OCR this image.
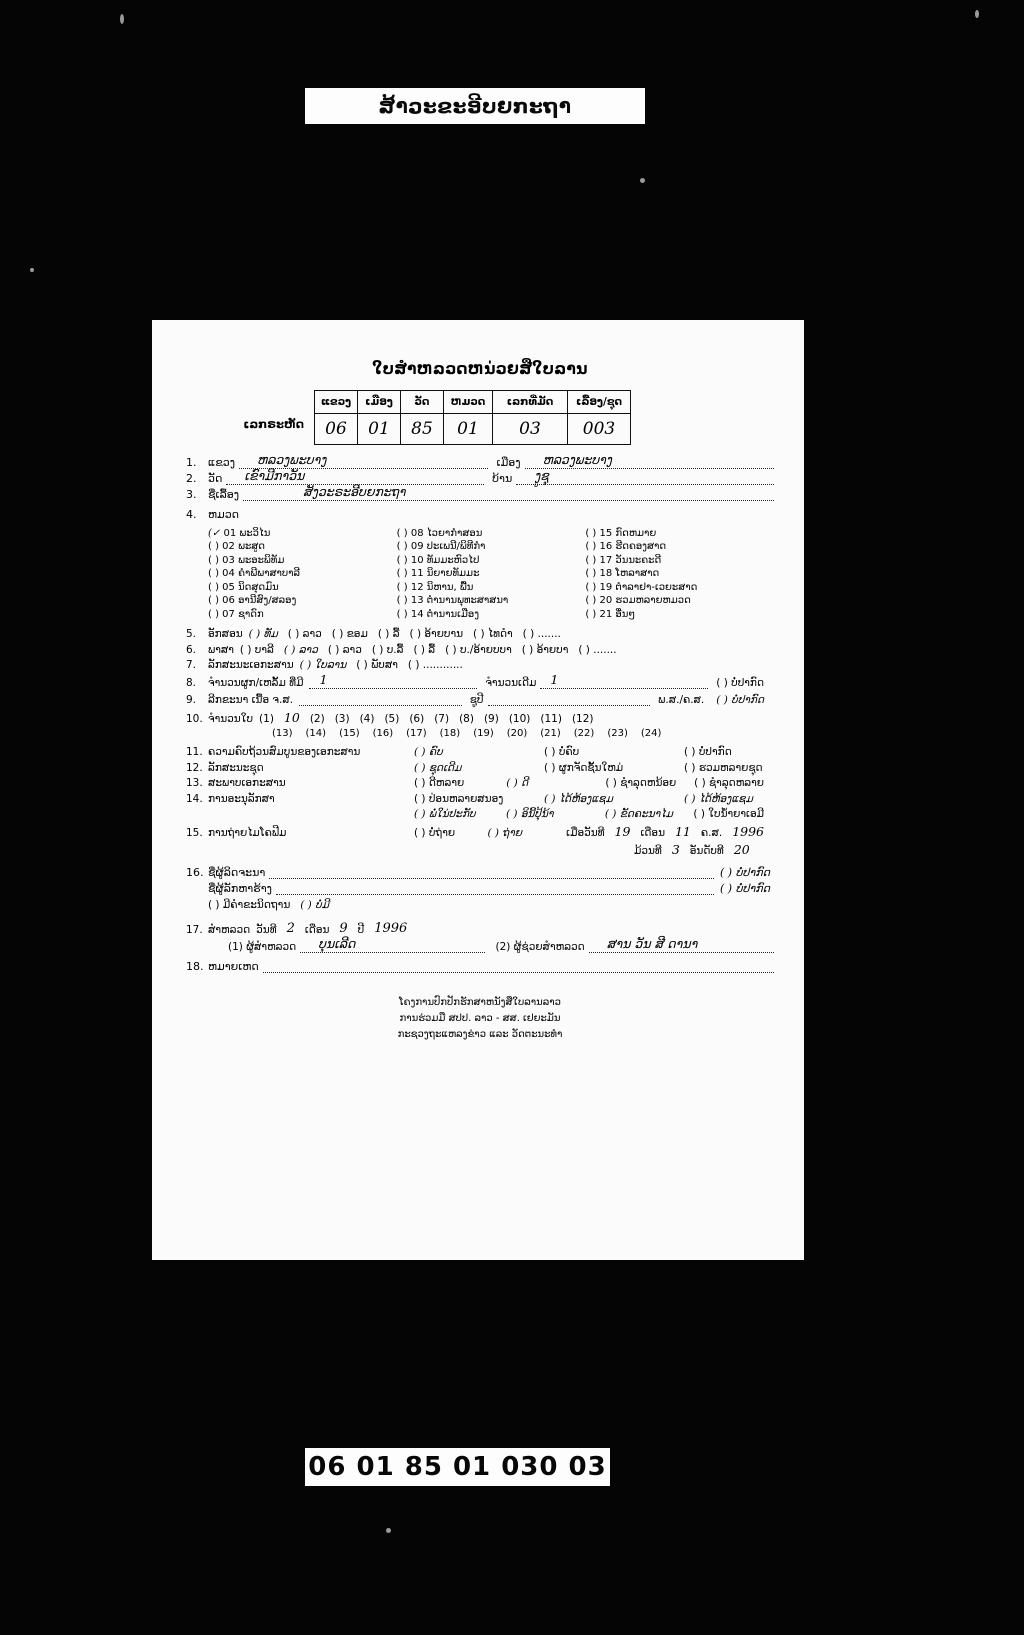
ສ້າວະຂະອີບຍກະຖາ
ໃບສຳຫລວດຫນ່ວຍສືໃບລານ
ເລກຣະຫັດ
ແຂວງ	ເມືອງ	ວັດ	ຫມວດ	ເລກທີ່ມັດ	ເລື້ອງ/ຊຸດ
06	01	85	01	03	003
1.	ແຂວງ ຫລວງພະບາງ	ເມືອງ ຫລວງພະບາງ
2.	ວັດ ເຂົາມີກາວັນ	ບ້ານ ງູຊຸ
3.	ຊື່ເລື້ອງ	ສັງວະຣະອີບຍກະຖາ
4.	ຫມວດ
(✓ 01 ພະວິໄນ
( ) 02 ພະສູດ
( ) 03 ພະອະພິທັມ
( ) 04 ຄຳພີພາສາບາລີ
( ) 05 ນິດສຸດມົນ
( ) 06 ອານີສົງ/ສລອງ
( ) 07 ຊາດົກ
( ) 08 ໄວຍາກຳສອນ
( ) 09 ປະເພນີ/ພິທີກຳ
( ) 10 ທັມມະຫົວໄປ
( ) 11 ນິຍາຍທັມມະ
( ) 12 ນິຫານ, ພື້ນ
( ) 13 ຕຳນານພຸທະສາສນາ
( ) 14 ຕຳນານເມືອງ
( ) 15 ກົດຫມາຍ
( ) 16 ຮີດຄອງສາດ
( ) 17 ວັນນະຄະດີ
( ) 18 ໂຫລາສາດ
( ) 19 ຕຳລາຢາ-ເວຍະສາດ
( ) 20 ຮວມຫລາຍຫມວດ
( ) 21 ອື່ນໆ
5.	ອັກສອນ ( ) ທັມ ( ) ລາວ ( ) ຂອມ ( ) ລື້ ( ) ອ້າຍບານ ( ) ໄທດຳ ( ) .......
6.	ພາສາ ( ) ບາລີ ( ) ລາວ ( ) ລາວ ( ) ບ.ລື້ ( ) ລື້ ( ) ບ./ອ້າຍບບາ ( ) ອ້າຍບາ ( ) .......
7.	ລັກສະນະເອກະສານ ( ) ໃບລານ ( ) ພັບສາ ( ) ............
8.	ຈຳນວນຜູກ/ເຫລັ້ມ ທີ່ມີ 1	ຈຳນວນເດີມ 1	( ) ບໍ່ປາກົດ
9.	ລີກຂະນາ ເນື້ອ ຈ.ສ.	ຊູປີ	ພ.ສ./ຄ.ສ. ( ) ບໍ່ປາກົດ
10. ຈຳນວນໃບ (1) 10 (2) (3) (4) (5) (6) (7) (8) (9) (10) (11) (12)
(13) (14) (15) (16) (17) (18) (19) (20) (21) (22) (23) (24)
11. ຄວາມຄົບຖ້ວນສົມບູນຂອງເອກະສານ	( ) ຄົບ	( ) ບໍ່ຄົບ	( ) ບໍ່ປາກົດ
12. ລັກສະນະຊຸດ	( ) ຊຸດເດີມ	( ) ຜູກຈັດຊັ້ນໃຫມ່	( ) ຮວມຫລາຍຊຸດ
13. ສະພາບເອກະສານ	( ) ດີຫລາຍ	( ) ດີ	( ) ຊຳລຸດຫນ້ອຍ	( ) ຊຳລຸດຫລາຍ
14. ການອະນຸລັກສາ	( ) ປ່ອນຫລາຍສນອງ	( ) ໄດ້ຫ້ອງແຊມ	( ) ໄດ້ຫ້ອງແຊມ
( ) ພໍ່ໃນ່ປະກັບ	( ) ອິນີ້ປຸ້ນ້າ	( ) ຂັດຄະນາໄມ	( ) ໃບນ້ຳຍາເອມີ
15. ການຖ່າຍໄມໂຄຟີມ	( ) ບໍ່ຖ່າຍ	( ) ຖ່າຍ	ເມື່ອວັນທີ 19 ເດືອນ 11 ຄ.ສ. 1996
ມ້ວນທີ 3 ອັນດັບທີ 20
16. ຊື່ຜູ້ລິດຈະນາ	( ) ບໍ່ປາກົດ
ຊື່ຜູ້ລັກຫາຮ້າງ	( ) ບໍ່ປາກົດ
( ) ມີຄຳຂະນິດຖານ ( ) ບໍ່ມີ
17. ສຳຫລວດ ວັນທີ 2 ເດືອນ 9 ປີ 1996
(1) ຜູ້ສຳຫລວດ ບຸນເລີດ	(2) ຜູ້ຊ່ວຍສຳຫລວດ ສານ ວັນ ສີ ດານາ
18. ຫມາຍເຫດ
ໂຄງການປົກປັກຮັກສາຫນັງສືໃບລານລາວ
ການຮ່ວມມື ສປປ. ລາວ - ສສ. ເຢຍະມັນ
ກະຊວງຖະແຫລງຂ່າວ ແລະ ວັດຕະນະທຳ
06 01 85 01 030 03
